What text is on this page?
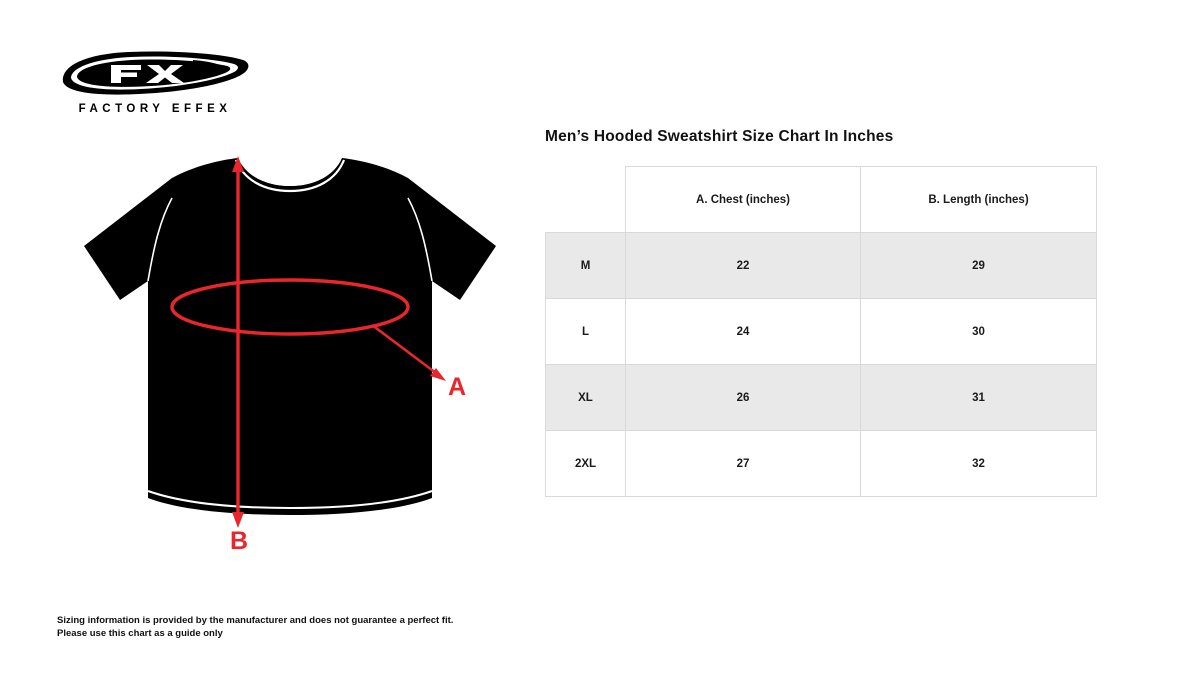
FACTORY EFFEX
A
B
Men’s Hooded Sweatshirt Size Chart In Inches
	A. Chest (inches)	B. Length (inches)
M	22	29
L	24	30
XL	26	31
2XL	27	32
Sizing information is provided by the manufacturer and does not guarantee a perfect fit.
Please use this chart as a guide only
